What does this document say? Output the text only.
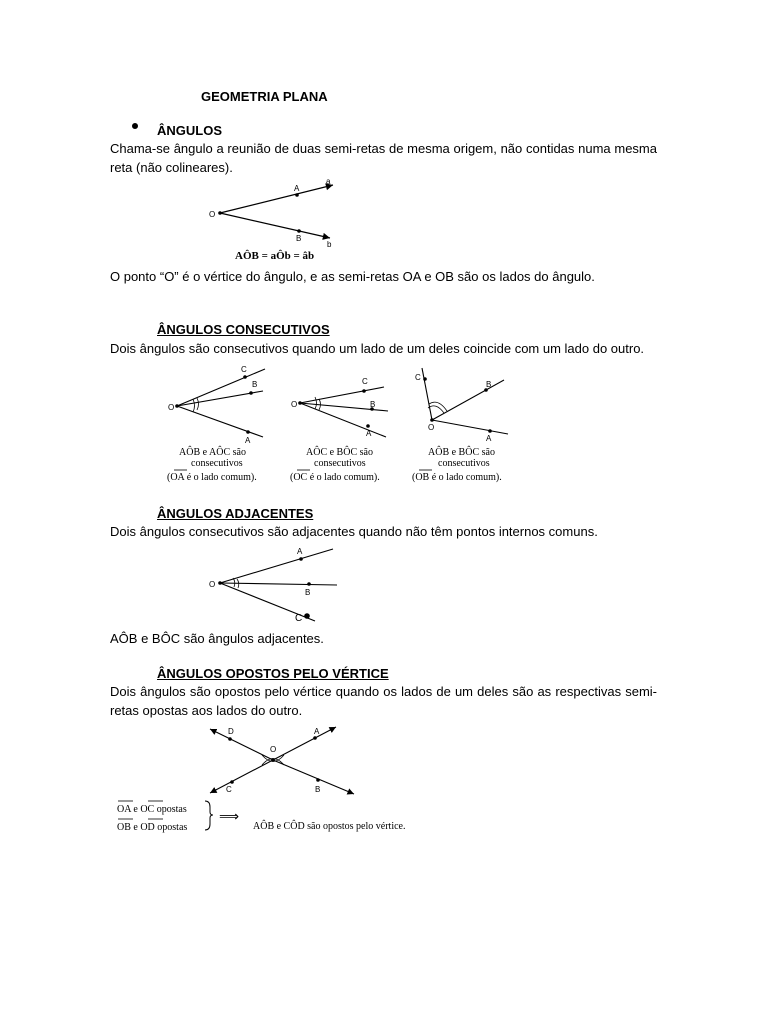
GEOMETRIA PLANA
ÂNGULOS
Chama-se ângulo a reunião de duas semi-retas de mesma origem, não contidas numa mesma reta (não colineares).
O
A
B
a
b
AÔB = aÔb = âb
O ponto “O” é o vértice do ângulo, e as semi-retas OA e OB são os lados do ângulo.
ÂNGULOS CONSECUTIVOS
Dois ângulos são consecutivos quando um lado de um deles coincide com um lado do outro.
O
C
B
A
AÔB e AÔC são
consecutivos
(OA é o lado comum).
O
C
B
A
AÔC e BÔC são
consecutivos
(OC é o lado comum).
O
C
B
A
AÔB e BÔC são
consecutivos
(OB é o lado comum).
ÂNGULOS ADJACENTES
Dois ângulos consecutivos são adjacentes quando não têm pontos internos comuns.
O
A
B
C
AÔB e BÔC são ângulos adjacentes.
ÂNGULOS OPOSTOS PELO VÉRTICE
Dois ângulos são opostos pelo vértice quando os lados de um deles são as respectivas semi-retas opostas aos lados do outro.
O
A
B
C
D
OA e OC opostas
OB e OD opostas
⟹
AÔB e CÔD são opostos pelo vértice.
